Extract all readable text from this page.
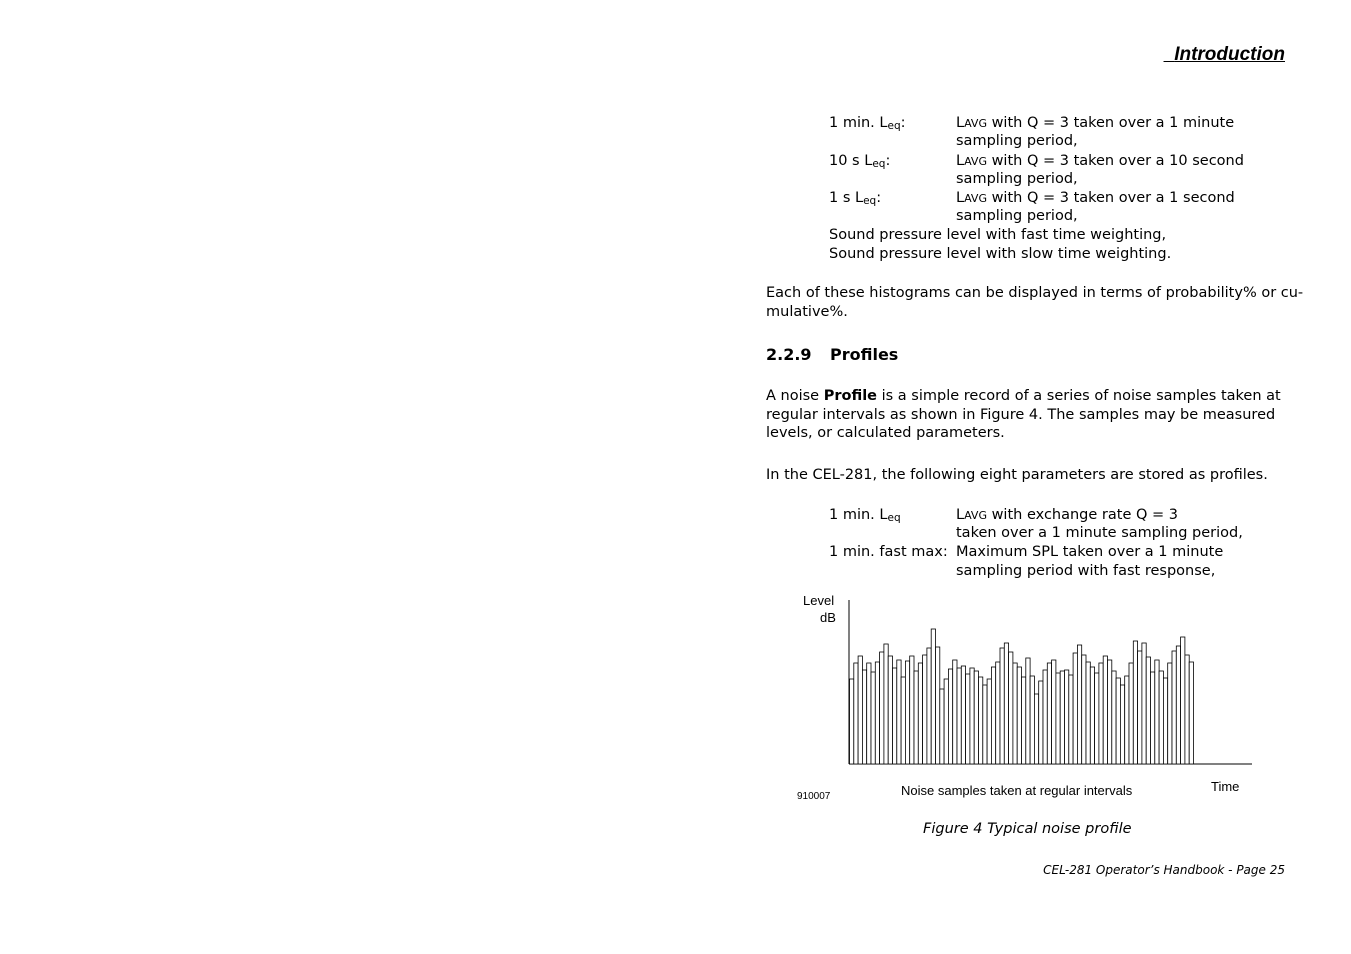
Introduction
1 min. $L_{eq}$:	LAVG with Q = 3 taken over a 1 minute
sampling period,
10 s $L_{eq}$:	LAVG with Q = 3 taken over a 10 second
sampling period,
1 s $L_{eq}$:	LAVG with Q = 3 taken over a 1 second
sampling period,
Sound pressure level with fast time weighting,
Sound pressure level with slow time weighting.
Each of these histograms can be displayed in terms of probability% or cu-
mulative%.
2.2.9 Profiles
A noise Profile is a simple record of a series of noise samples taken at regular intervals as shown in Figure 4. The samples may be measured levels, or calculated parameters.
In the CEL-281, the following eight parameters are stored as profiles.
1 min. $L_{eq}$	LAVG with exchange rate Q = 3
taken over a 1 minute sampling period,
1 min. fast max: Maximum SPL taken over a 1 minute
sampling period with fast response,
Level
dB
Noise samples taken at regular intervals	Time
910007
Figure 4 Typical noise profile
CEL-281 Operator’s Handbook - Page 25
